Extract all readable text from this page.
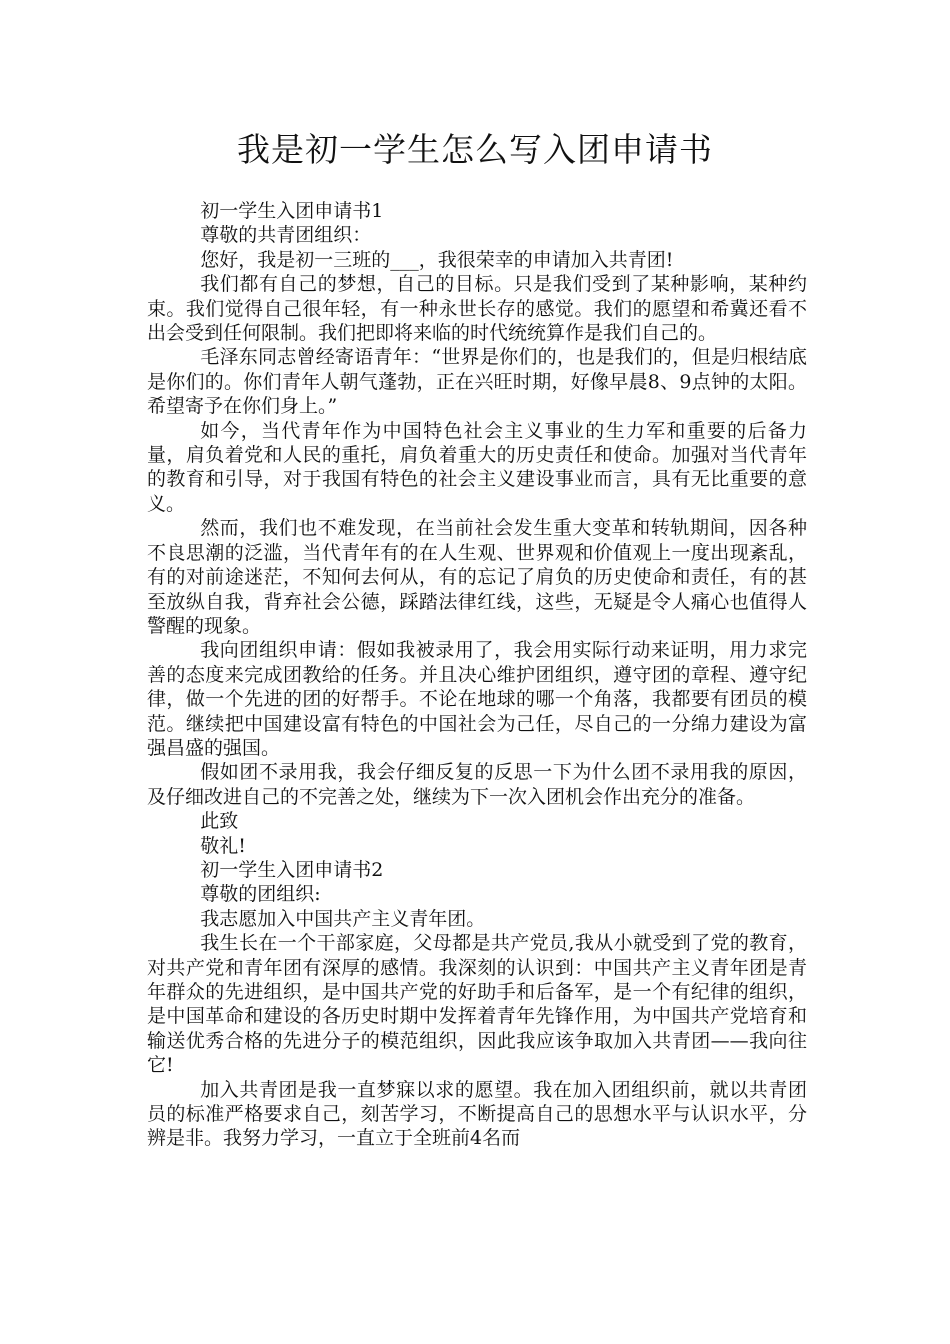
我是初一学生怎么写入团申请书

初一学生入团申请书1

尊敬的共青团组织：

您好，我是初一三班的___，我很荣幸的申请加入共青团!

我们都有自己的梦想，自己的目标。只是我们受到了某种影响，某种约束。我们觉得自己很年轻，有一种永世长存的感觉。我们的愿望和希冀还看不出会受到任何限制。我们把即将来临的时代统统算作是我们自己的。

毛泽东同志曾经寄语青年：“世界是你们的，也是我们的，但是归根结底是你们的。你们青年人朝气蓬勃，正在兴旺时期，好像早晨8、9点钟的太阳。希望寄予在你们身上。”

如今，当代青年作为中国特色社会主义事业的生力军和重要的后备力量，肩负着党和人民的重托，肩负着重大的历史责任和使命。加强对当代青年的教育和引导，对于我国有特色的社会主义建设事业而言，具有无比重要的意义。

然而，我们也不难发现，在当前社会发生重大变革和转轨期间，因各种不良思潮的泛滥，当代青年有的在人生观、世界观和价值观上一度出现紊乱，有的对前途迷茫，不知何去何从，有的忘记了肩负的历史使命和责任，有的甚至放纵自我，背弃社会公德，踩踏法律红线，这些，无疑是令人痛心也值得人警醒的现象。

我向团组织申请：假如我被录用了，我会用实际行动来证明，用力求完善的态度来完成团教给的任务。并且决心维护团组织，遵守团的章程、遵守纪律，做一个先进的团的好帮手。不论在地球的哪一个角落，我都要有团员的模范。继续把中国建设富有特色的中国社会为己任，尽自己的一分绵力建设为富强昌盛的强国。

假如团不录用我，我会仔细反复的反思一下为什么团不录用我的原因，及仔细改进自己的不完善之处，继续为下一次入团机会作出充分的准备。

此致

敬礼!

初一学生入团申请书2

尊敬的团组织:

我志愿加入中国共产主义青年团。

我生长在一个干部家庭，父母都是共产党员,我从小就受到了党的教育，对共产党和青年团有深厚的感情。我深刻的认识到：中国共产主义青年团是青年群众的先进组织，是中国共产党的好助手和后备军，是一个有纪律的组织，是中国革命和建设的各历史时期中发挥着青年先锋作用，为中国共产党培育和输送优秀合格的先进分子的模范组织，因此我应该争取加入共青团——我向往它!

加入共青团是我一直梦寐以求的愿望。我在加入团组织前，就以共青团员的标准严格要求自己，刻苦学习，不断提高自己的思想水平与认识水平，分辨是非。我努力学习，一直立于全班前4名而
